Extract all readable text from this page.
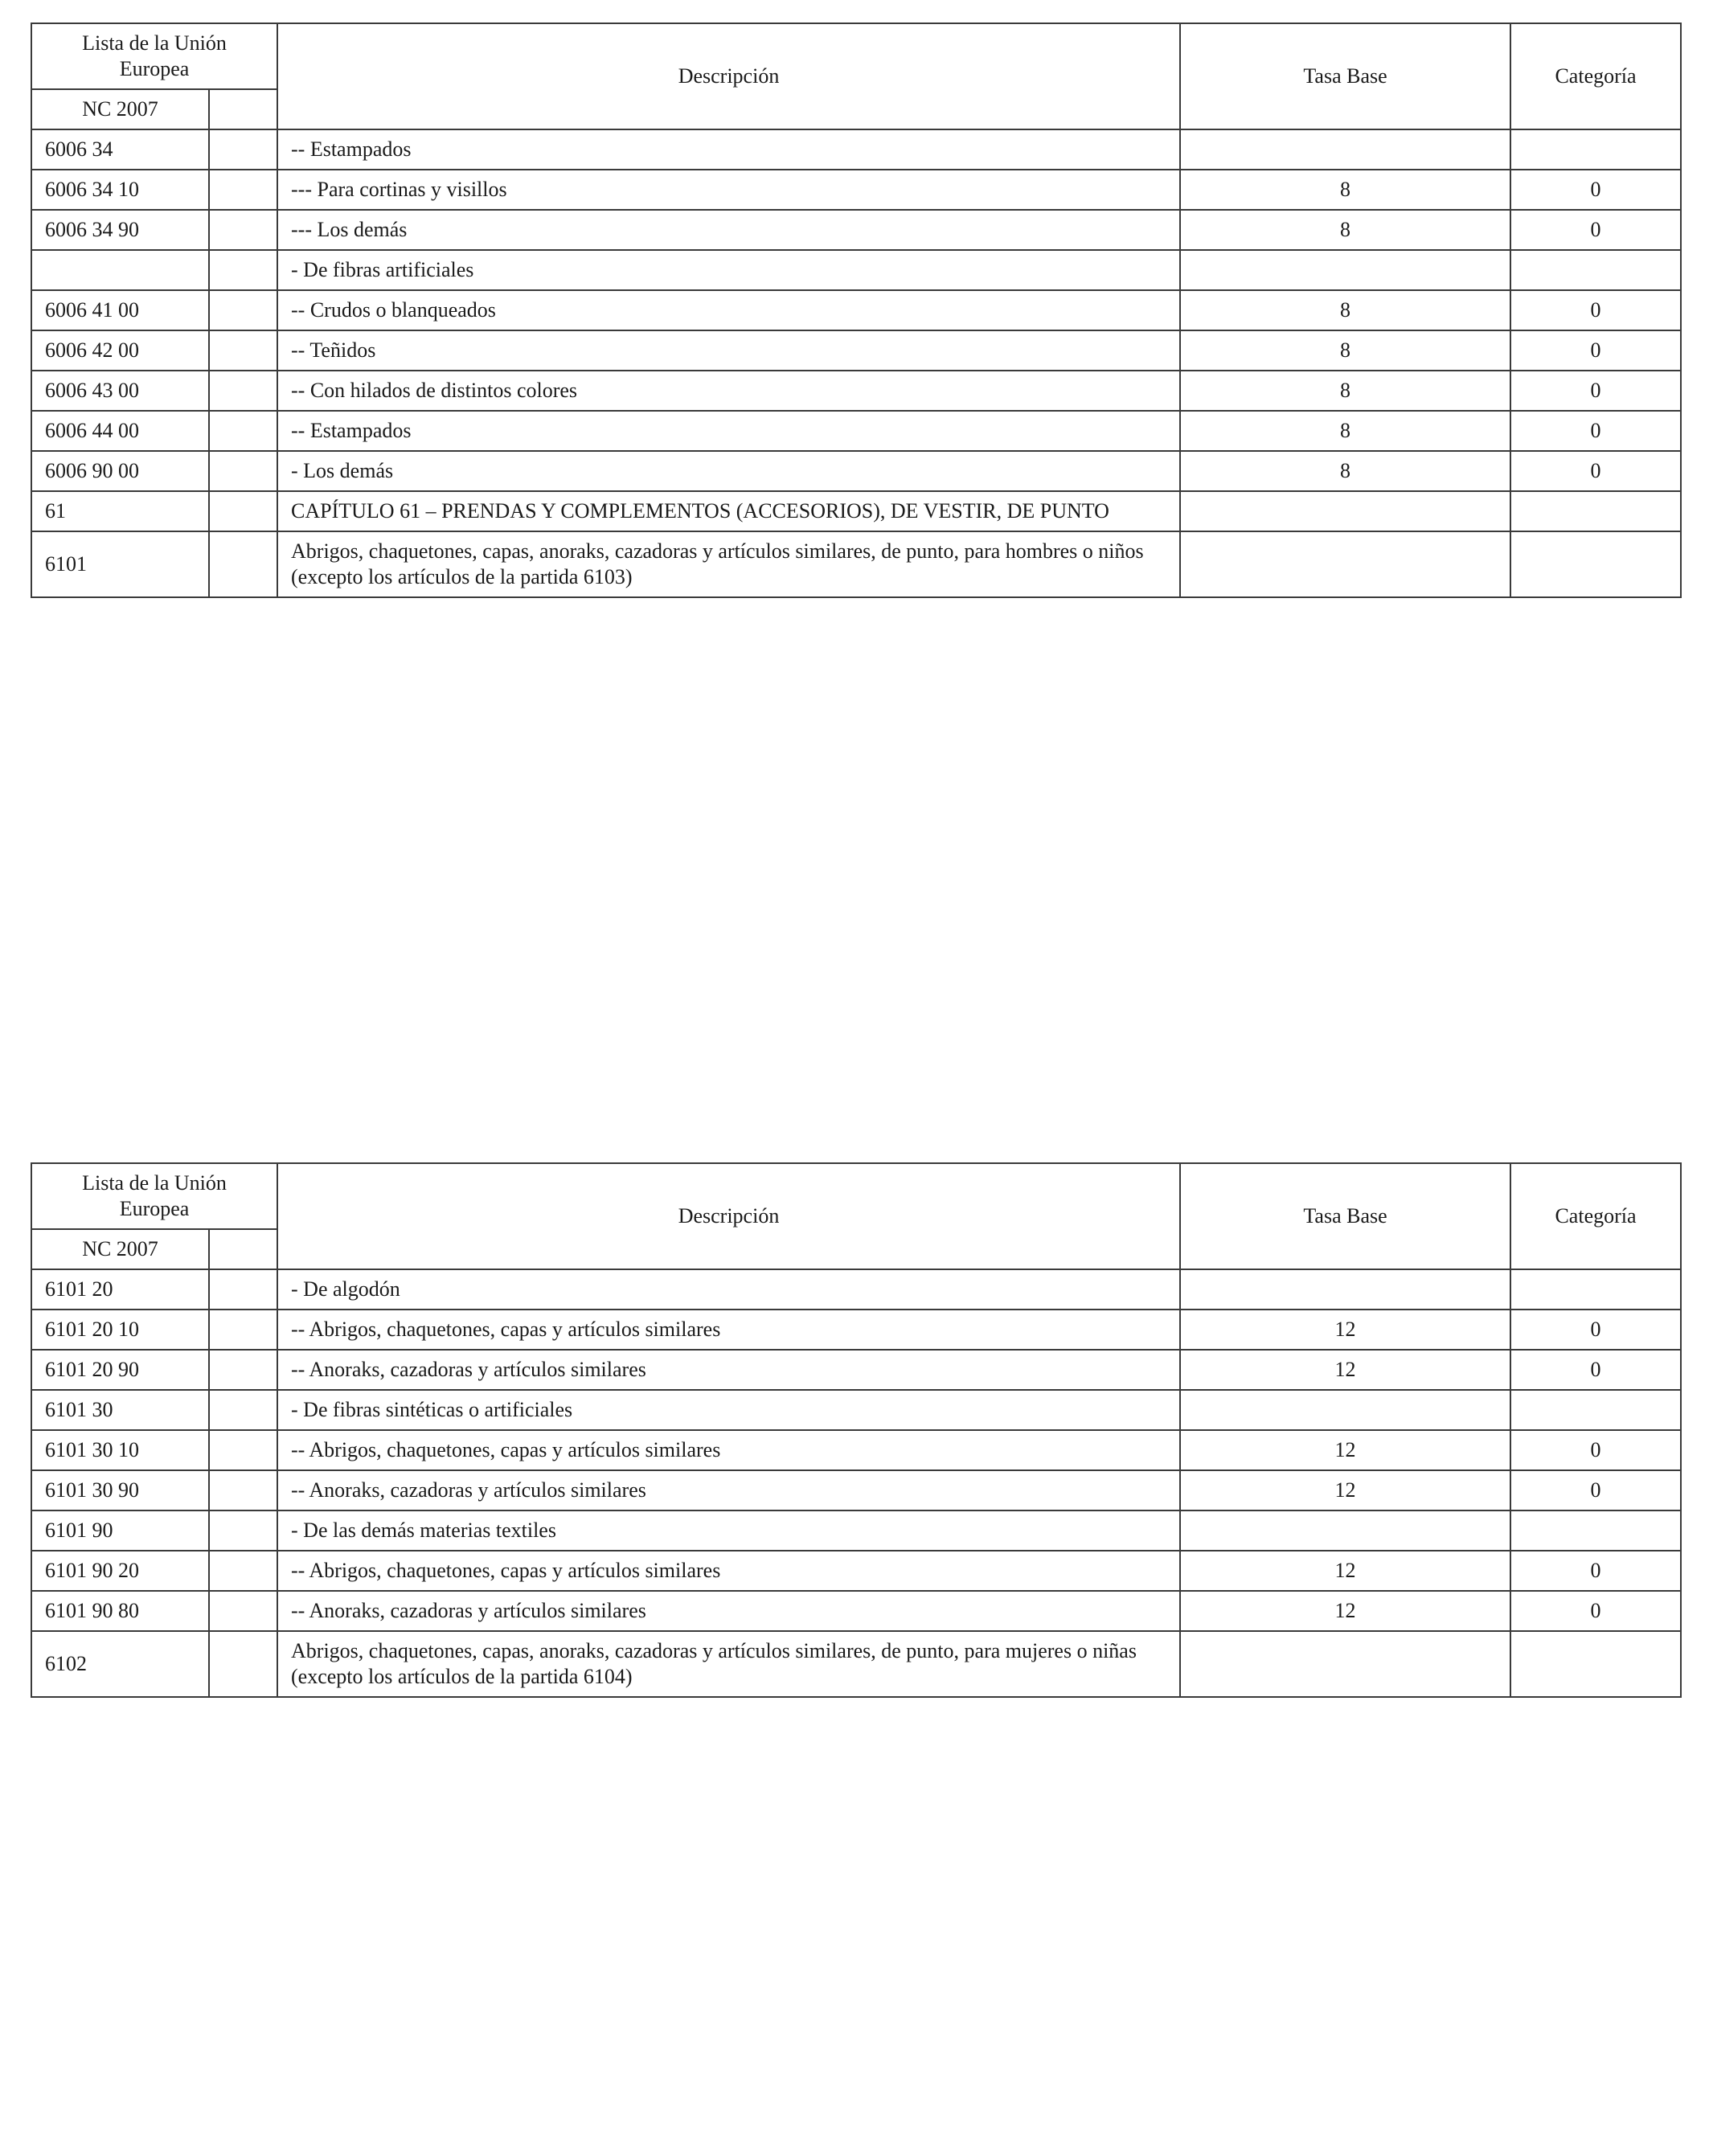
Lista de la Unión Europea		Descripción	Tasa Base	Categoría
NC 2007				
6006 34		-- Estampados		
6006 34 10		--- Para cortinas y visillos	8	0
6006 34 90		--- Los demás	8	0
		- De fibras artificiales		
6006 41 00		-- Crudos o blanqueados	8	0
6006 42 00		-- Teñidos	8	0
6006 43 00		-- Con hilados de distintos colores	8	0
6006 44 00		-- Estampados	8	0
6006 90 00		- Los demás	8	0
61		CAPÍTULO 61 – PRENDAS Y COMPLEMENTOS (ACCESORIOS), DE VESTIR, DE PUNTO		
6101		Abrigos, chaquetones, capas, anoraks, cazadoras y artículos similares, de punto, para hombres o niños (excepto los artículos de la partida 6103)		
Lista de la Unión Europea		Descripción	Tasa Base	Categoría
NC 2007				
6101 20		- De algodón		
6101 20 10		-- Abrigos, chaquetones, capas y artículos similares	12	0
6101 20 90		-- Anoraks, cazadoras y artículos similares	12	0
6101 30		- De fibras sintéticas o artificiales		
6101 30 10		-- Abrigos, chaquetones, capas y artículos similares	12	0
6101 30 90		-- Anoraks, cazadoras y artículos similares	12	0
6101 90		- De las demás materias textiles		
6101 90 20		-- Abrigos, chaquetones, capas y artículos similares	12	0
6101 90 80		-- Anoraks, cazadoras y artículos similares	12	0
6102		Abrigos, chaquetones, capas, anoraks, cazadoras y artículos similares, de punto, para mujeres o niñas (excepto los artículos de la partida 6104)		
